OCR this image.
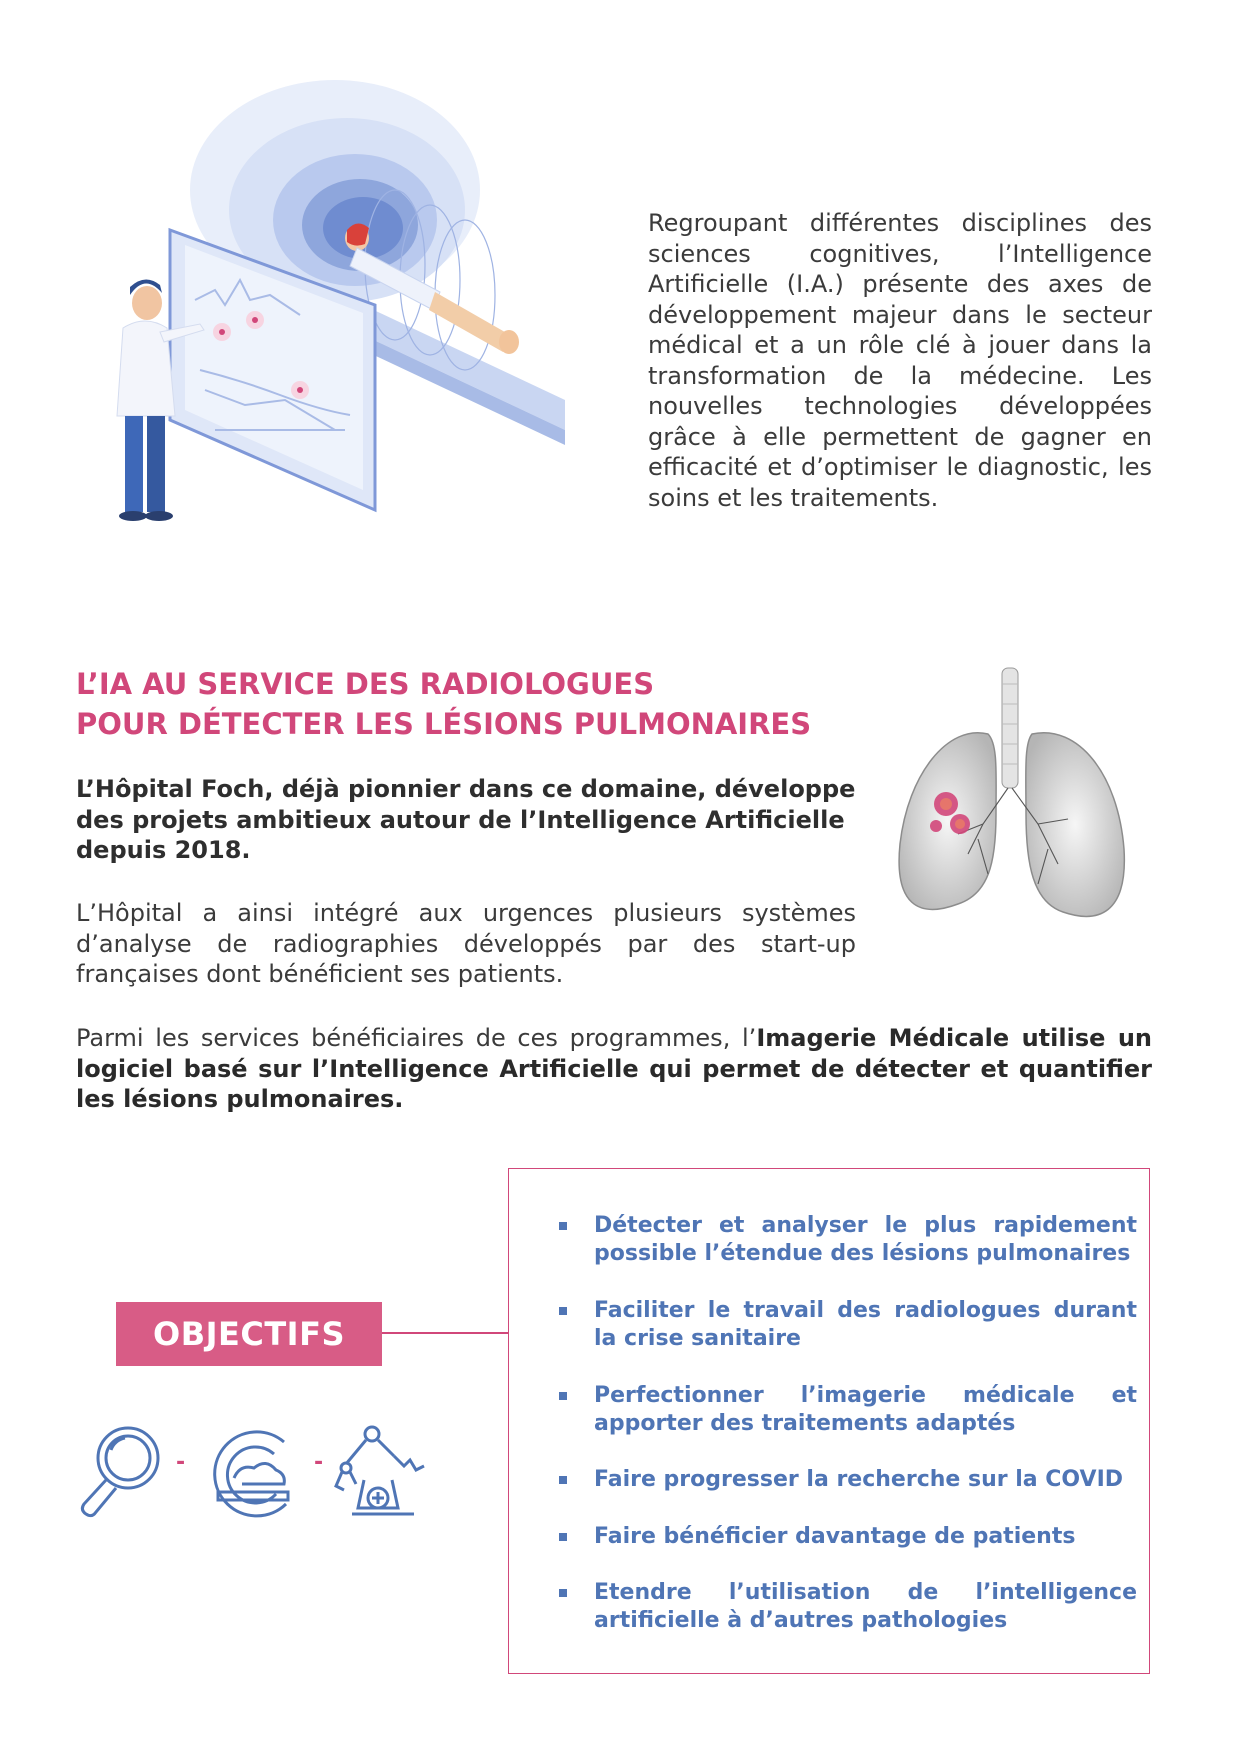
Regroupant différentes disciplines des sciences cognitives, l’Intelligence Artificielle (I.A.) présente des axes de développement majeur dans le secteur médical et a un rôle clé à jouer dans la transformation de la médecine. Les nouvelles technologies développées grâce à elle permettent de gagner en efficacité et d’optimiser le diagnostic, les soins et les traitements.
L’IA AU SERVICE DES RADIOLOGUES
POUR DÉTECTER LES LÉSIONS PULMONAIRES
L’Hôpital Foch, déjà pionnier dans ce domaine, développe des projets ambitieux autour de l’Intelligence Artificielle depuis 2018.
L’Hôpital a ainsi intégré aux urgences plusieurs systèmes d’analyse de radiographies développés par des start-up françaises dont bénéficient ses patients.
Parmi les services bénéficiaires de ces programmes, l’Imagerie Médicale utilise un logiciel basé sur l’Intelligence Artificielle qui permet de détecter et quantifier les lésions pulmonaires.
OBJECTIFS
Détecter et analyser le plus rapidement possible l’étendue des lésions pulmonaires
Faciliter le travail des radiologues durant la crise sanitaire
Perfectionner l’imagerie médicale et apporter des traitements adaptés
Faire progresser la recherche sur la COVID
Faire bénéficier davantage de patients
Etendre l’utilisation de l’intelligence artificielle à d’autres pathologies
-	-
